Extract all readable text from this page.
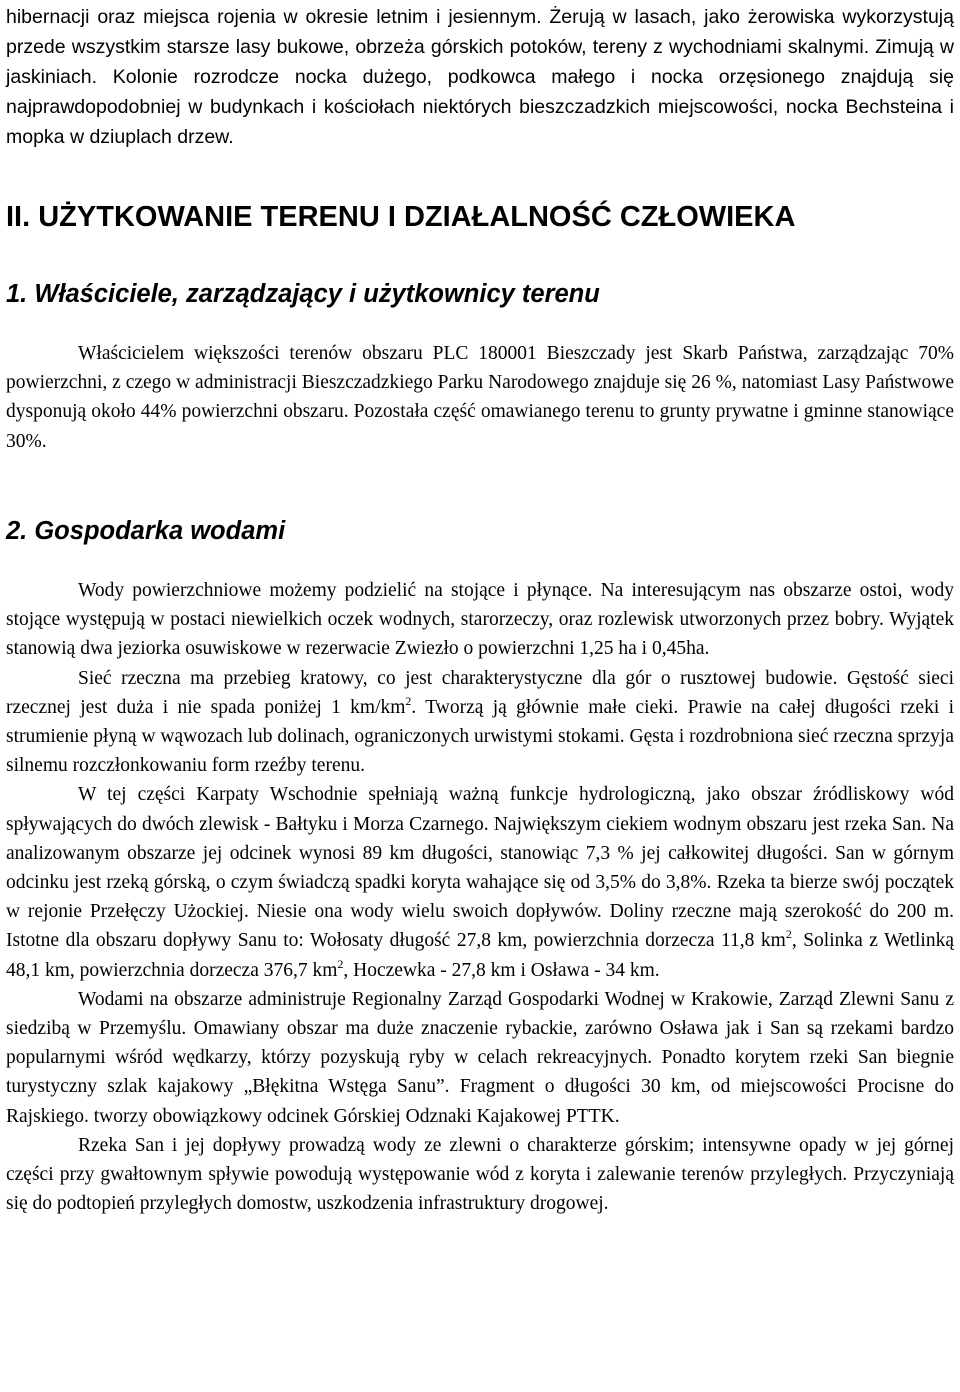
hibernacji oraz miejsca rojenia w okresie letnim i jesiennym. Żerują w lasach, jako żerowiska wykorzystują przede wszystkim starsze lasy bukowe, obrzeża górskich potoków, tereny z wychodniami skalnymi. Zimują w jaskiniach. Kolonie rozrodcze nocka dużego, podkowca małego i nocka orzęsionego znajdują się najprawdopodobniej w budynkach i kościołach niektórych bieszczadzkich miejscowości, nocka Bechsteina i mopka w dziuplach drzew.

II. UŻYTKOWANIE TERENU I DZIAŁALNOŚĆ CZŁOWIEKA
1. Właściciele, zarządzający i użytkownicy terenu

Właścicielem większości terenów obszaru PLC 180001 Bieszczady jest Skarb Państwa, zarządzając 70% powierzchni, z czego w administracji Bieszczadzkiego Parku Narodowego znajduje się 26 %, natomiast Lasy Państwowe dysponują około 44% powierzchni obszaru. Pozostała część omawianego terenu to grunty prywatne i gminne stanowiące 30%.

2. Gospodarka wodami

Wody powierzchniowe możemy podzielić na stojące i płynące. Na interesującym nas obszarze ostoi, wody stojące występują w postaci niewielkich oczek wodnych, starorzeczy, oraz rozlewisk utworzonych przez bobry. Wyjątek stanowią dwa jeziorka osuwiskowe w rezerwacie Zwiezło o powierzchni 1,25 ha i 0,45ha.

Sieć rzeczna ma przebieg kratowy, co jest charakterystyczne dla gór o rusztowej budowie. Gęstość sieci rzecznej jest duża i nie spada poniżej 1 $km/km^2$. Tworzą ją głównie małe cieki. Prawie na całej długości rzeki i strumienie płyną w wąwozach lub dolinach, ograniczonych urwistymi stokami. Gęsta i rozdrobniona sieć rzeczna sprzyja silnemu rozczłonkowaniu form rzeźby terenu.

W tej części Karpaty Wschodnie spełniają ważną funkcje hydrologiczną, jako obszar źródliskowy wód spływających do dwóch zlewisk - Bałtyku i Morza Czarnego. Największym ciekiem wodnym obszaru jest rzeka San. Na analizowanym obszarze jej odcinek wynosi 89 km długości, stanowiąc 7,3 % jej całkowitej długości. San w górnym odcinku jest rzeką górską, o czym świadczą spadki koryta wahające się od 3,5% do 3,8%. Rzeka ta bierze swój początek w rejonie Przełęczy Użockiej. Niesie ona wody wielu swoich dopływów. Doliny rzeczne mają szerokość do 200 m. Istotne dla obszaru dopływy Sanu to: Wołosaty długość 27,8 km, powierzchnia dorzecza 11,8 $km^2$, Solinka z Wetlinką 48,1 km, powierzchnia dorzecza 376,7 $km^2$, Hoczewka - 27,8 km i Osława - 34 km.

Wodami na obszarze administruje Regionalny Zarząd Gospodarki Wodnej w Krakowie, Zarząd Zlewni Sanu z siedzibą w Przemyślu. Omawiany obszar ma duże znaczenie rybackie, zarówno Osława jak i San są rzekami bardzo popularnymi wśród wędkarzy, którzy pozyskują ryby w celach rekreacyjnych. Ponadto korytem rzeki San biegnie turystyczny szlak kajakowy „Błękitna Wstęga Sanu”. Fragment o długości 30 km, od miejscowości Procisne do Rajskiego. tworzy obowiązkowy odcinek Górskiej Odznaki Kajakowej PTTK.

Rzeka San i jej dopływy prowadzą wody ze zlewni o charakterze górskim; intensywne opady w jej górnej części przy gwałtownym spływie powodują występowanie wód z koryta i zalewanie terenów przyległych. Przyczyniają się do podtopień przyległych domostw, uszkodzenia infrastruktury drogowej.
